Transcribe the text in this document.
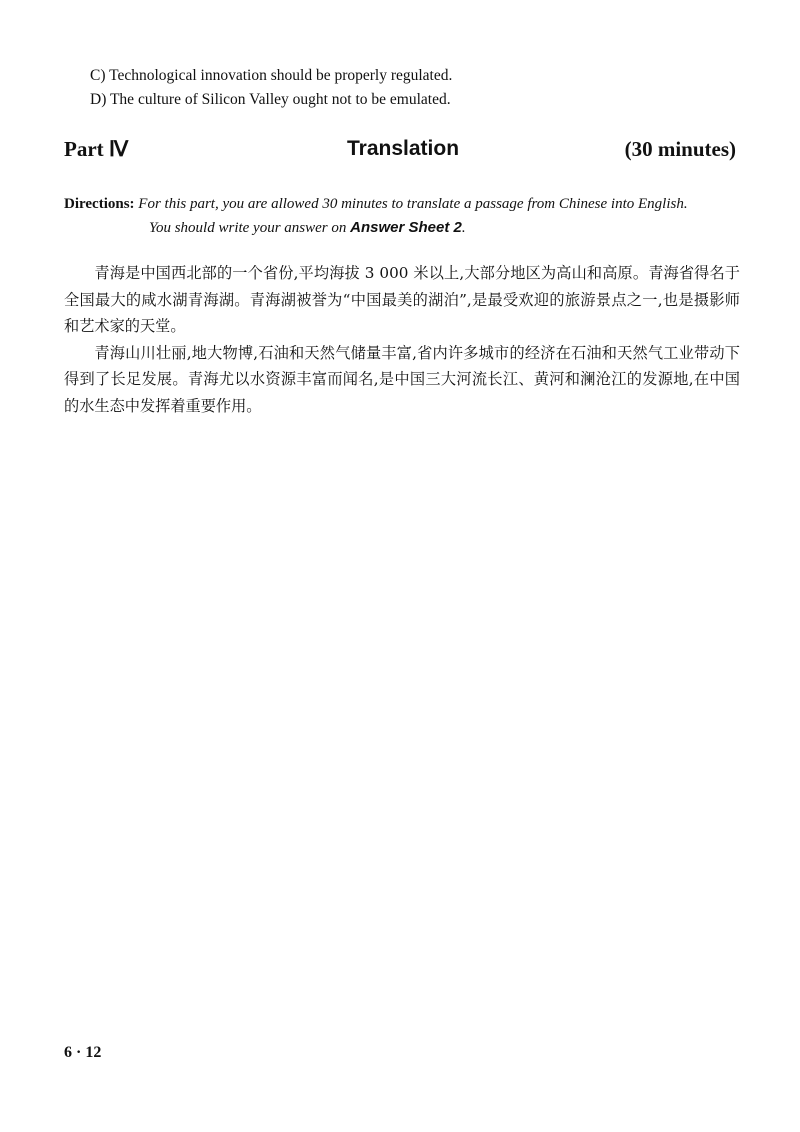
C) Technological innovation should be properly regulated.
D) The culture of Silicon Valley ought not to be emulated.
Part Ⅳ	Translation	(30 minutes)
Directions: For this part, you are allowed 30 minutes to translate a passage from Chinese into English.
You should write your answer on Answer Sheet 2.

青海是中国西北部的一个省份,平均海拔 3 000 米以上,大部分地区为高山和高原。青海省得名于全国最大的咸水湖青海湖。青海湖被誉为“中国最美的湖泊”,是最受欢迎的旅游景点之一,也是摄影师和艺术家的天堂。

青海山川壮丽,地大物博,石油和天然气储量丰富,省内许多城市的经济在石油和天然气工业带动下得到了长足发展。青海尤以水资源丰富而闻名,是中国三大河流长江、黄河和澜沧江的发源地,在中国的水生态中发挥着重要作用。

6 · 12
